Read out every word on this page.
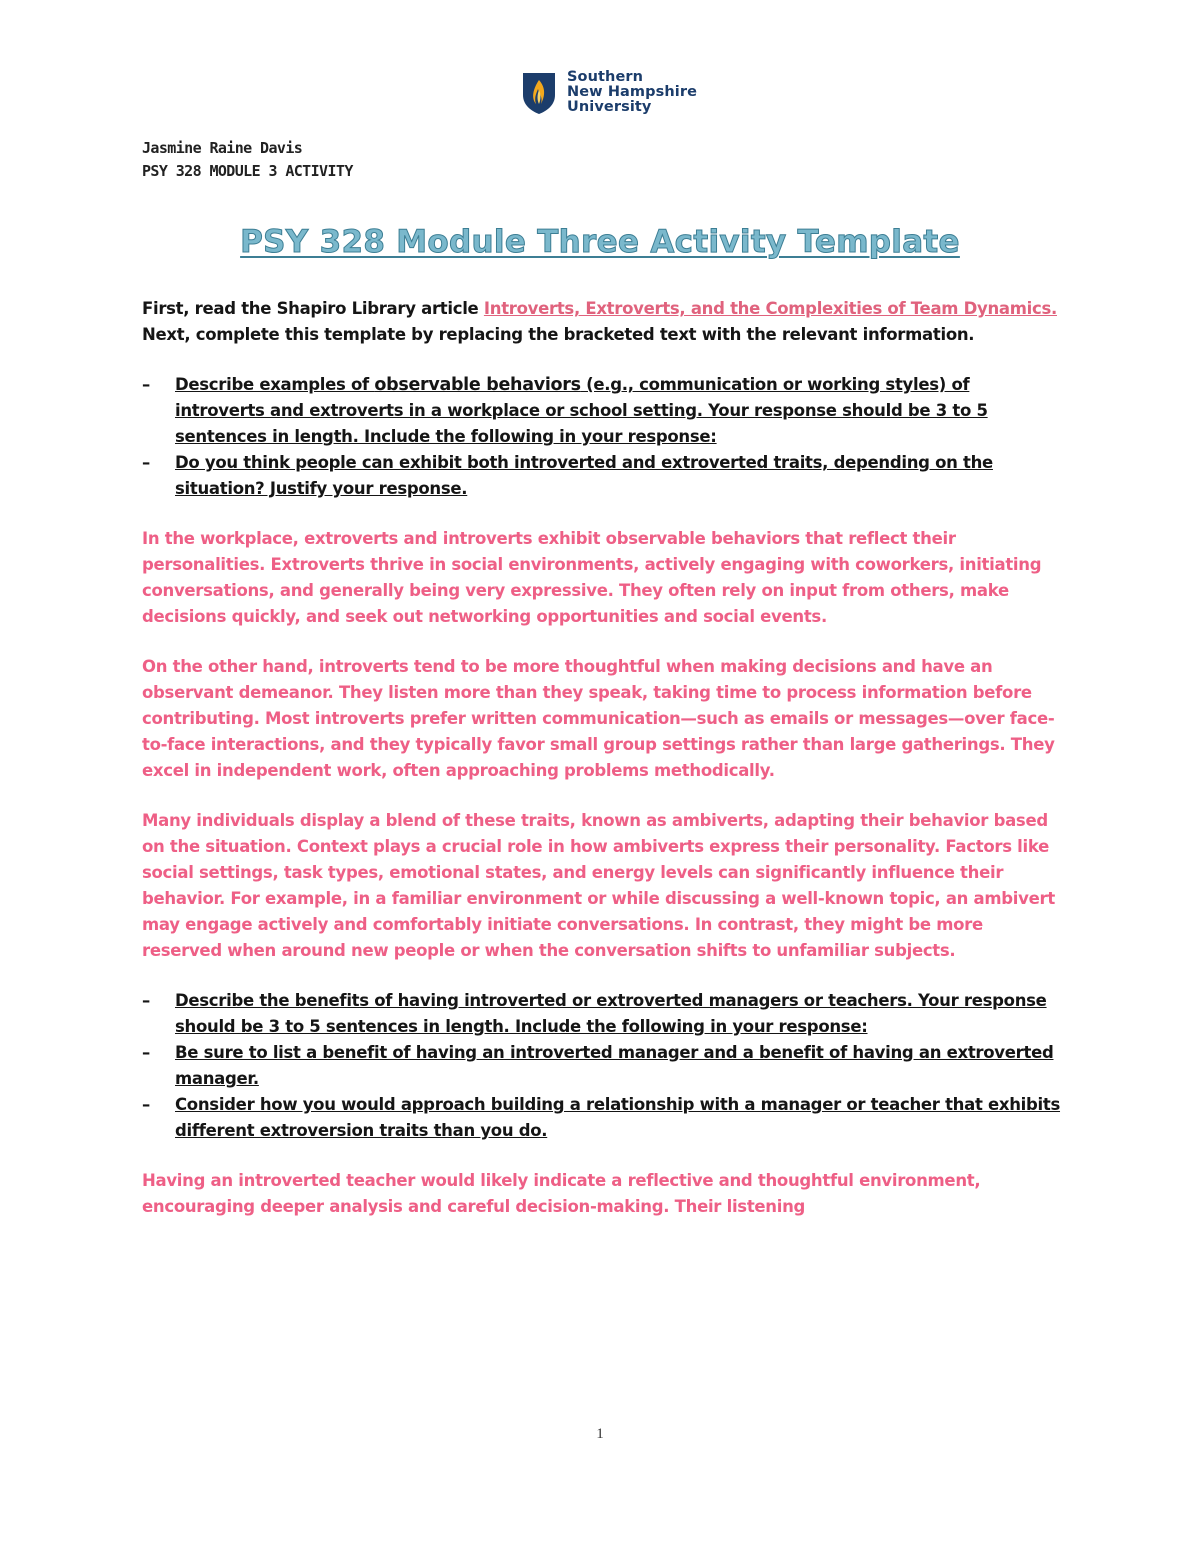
Southern
New Hampshire
University
Jasmine Raine Davis
PSY 328 MODULE 3 ACTIVITY
PSY 328 Module Three Activity Template

First, read the Shapiro Library article Introverts, Extroverts, and the Complexities of Team Dynamics. Next, complete this template by replacing the bracketed text with the relevant information.

– Describe examples of observable behaviors (e.g., communication or working styles) of introverts and extroverts in a workplace or school setting. Your response should be 3 to 5 sentences in length. Include the following in your response:
– Do you think people can exhibit both introverted and extroverted traits, depending on the situation? Justify your response.

In the workplace, extroverts and introverts exhibit observable behaviors that reflect their personalities. Extroverts thrive in social environments, actively engaging with coworkers, initiating conversations, and generally being very expressive. They often rely on input from others, make decisions quickly, and seek out networking opportunities and social events.

On the other hand, introverts tend to be more thoughtful when making decisions and have an observant demeanor. They listen more than they speak, taking time to process information before contributing. Most introverts prefer written communication—such as emails or messages—over face-to-face interactions, and they typically favor small group settings rather than large gatherings. They excel in independent work, often approaching problems methodically.

Many individuals display a blend of these traits, known as ambiverts, adapting their behavior based on the situation. Context plays a crucial role in how ambiverts express their personality. Factors like social settings, task types, emotional states, and energy levels can significantly influence their behavior. For example, in a familiar environment or while discussing a well-known topic, an ambivert may engage actively and comfortably initiate conversations. In contrast, they might be more reserved when around new people or when the conversation shifts to unfamiliar subjects.

– Describe the benefits of having introverted or extroverted managers or teachers. Your response should be 3 to 5 sentences in length. Include the following in your response:
– Be sure to list a benefit of having an introverted manager and a benefit of having an extroverted manager.
– Consider how you would approach building a relationship with a manager or teacher that exhibits different extroversion traits than you do.

Having an introverted teacher would likely indicate a reflective and thoughtful environment, encouraging deeper analysis and careful decision-making. Their listening

1
